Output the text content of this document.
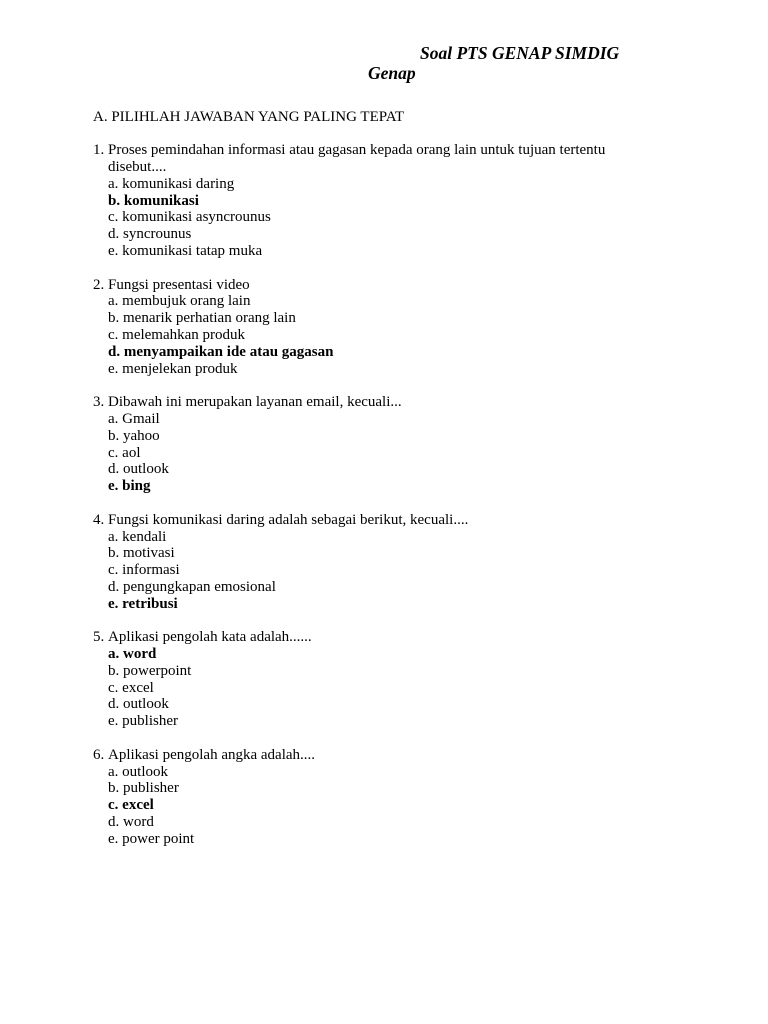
Soal PTS GENAP SIMDIG
Genap
A. PILIHLAH JAWABAN YANG PALING TEPAT
1. Proses pemindahan informasi atau gagasan kepada orang lain untuk tujuan tertentu
disebut....
a. komunikasi daring
b. komunikasi
c. komunikasi asyncrounus
d. syncrounus
e. komunikasi tatap muka
2. Fungsi presentasi video
a. membujuk orang lain
b. menarik perhatian orang lain
c. melemahkan produk
d. menyampaikan ide atau gagasan
e. menjelekan produk
3. Dibawah ini merupakan layanan email, kecuali...
a. Gmail
b. yahoo
c. aol
d. outlook
e. bing
4. Fungsi komunikasi daring adalah sebagai berikut, kecuali....
a. kendali
b. motivasi
c. informasi
d. pengungkapan emosional
e. retribusi
5. Aplikasi pengolah kata adalah......
a. word
b. powerpoint
c. excel
d. outlook
e. publisher
6. Aplikasi pengolah angka adalah....
a. outlook
b. publisher
c. excel
d. word
e. power point
